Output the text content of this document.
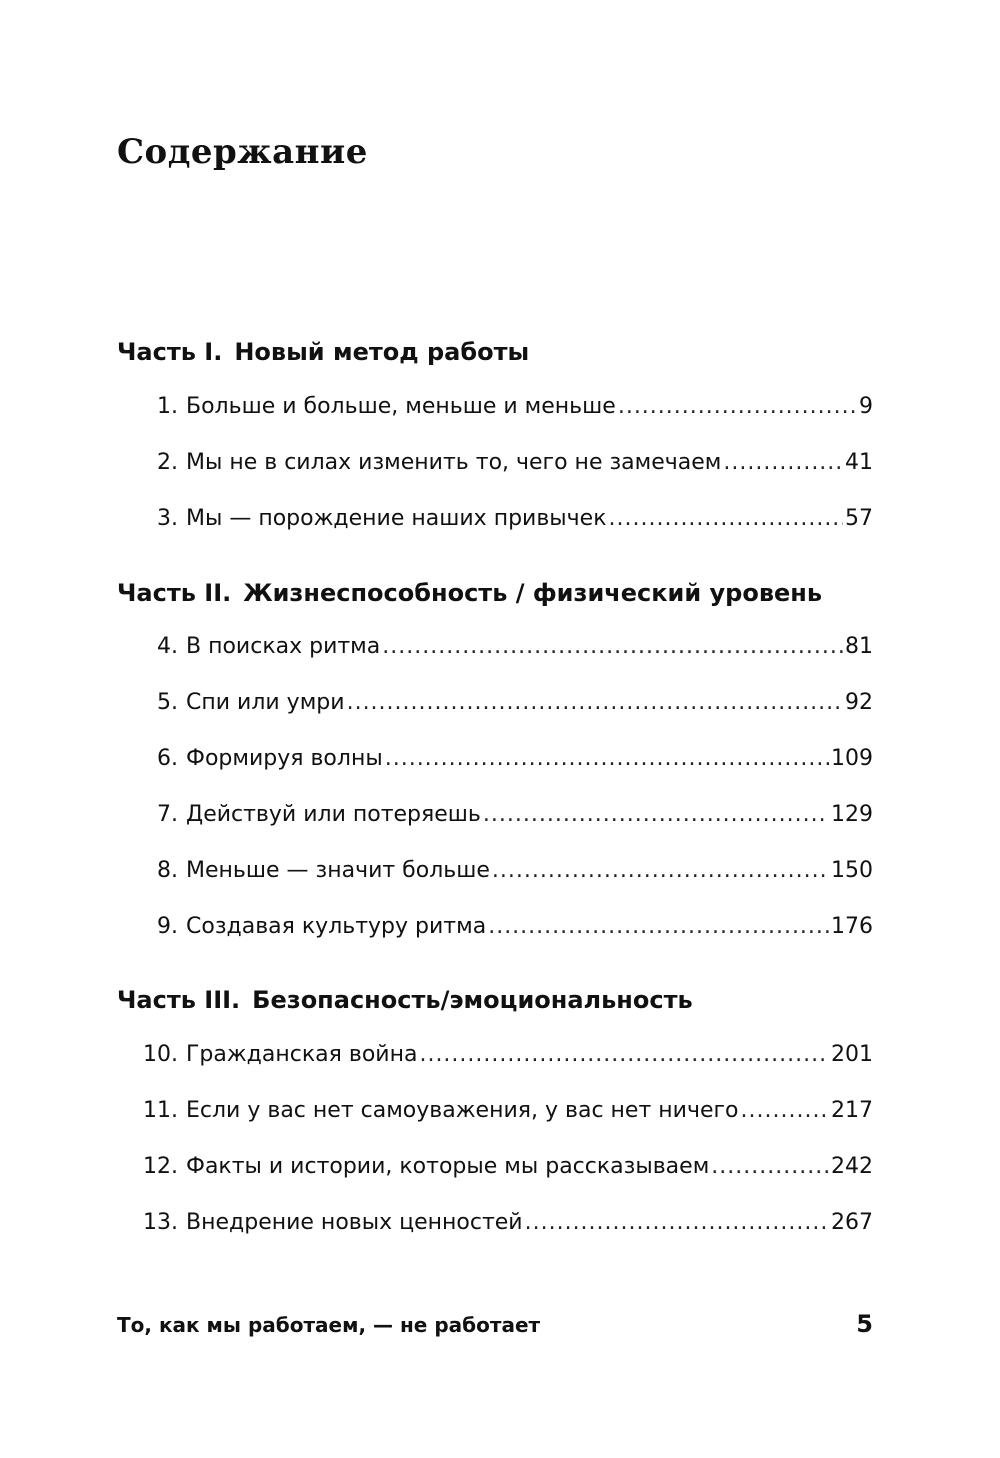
Содержание
Часть I. Новый метод работы
1. Больше и больше, меньше и меньше .....	9
2. Мы не в силах изменить то, чего не замечаем .....	41
3. Мы — порождение наших привычек .....	57
Часть II. Жизнеспособность / физический уровень
4. В поисках ритма .....	81
5. Спи или умри .....	92
6. Формируя волны .....	109
7. Действуй или потеряешь .....	129
8. Меньше — значит больше .....	150
9. Создавая культуру ритма .....	176
Часть III. Безопасность/эмоциональность
10. Гражданская война .....	201
11. Если у вас нет самоуважения, у вас нет ничего .....	217
12. Факты и истории, которые мы рассказываем .....	242
13. Внедрение новых ценностей .....	267
То, как мы работаем, — не работает	5
